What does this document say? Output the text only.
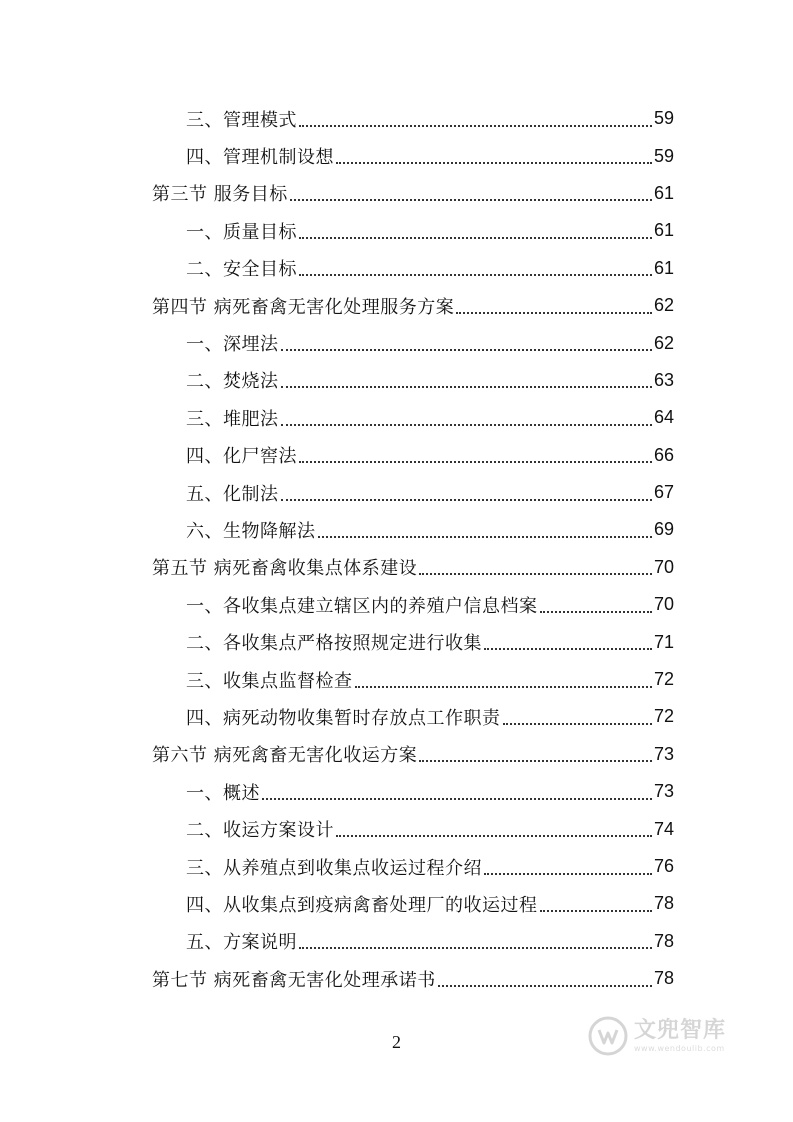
三、管理模式	59
四、管理机制设想	59
第三节 服务目标	61
一、质量目标	61
二、安全目标	61
第四节 病死畜禽无害化处理服务方案	62
一、深埋法	62
二、焚烧法	63
三、堆肥法	64
四、化尸窖法	66
五、化制法	67
六、生物降解法	69
第五节 病死畜禽收集点体系建设	70
一、各收集点建立辖区内的养殖户信息档案	70
二、各收集点严格按照规定进行收集	71
三、收集点监督检查	72
四、病死动物收集暂时存放点工作职责	72
第六节 病死禽畜无害化收运方案	73
一、概述	73
二、收运方案设计	74
三、从养殖点到收集点收运过程介绍	76
四、从收集点到疫病禽畜处理厂的收运过程	78
五、方案说明	78
第七节 病死畜禽无害化处理承诺书	78
2	文兜智库
www.wendoulib.com
